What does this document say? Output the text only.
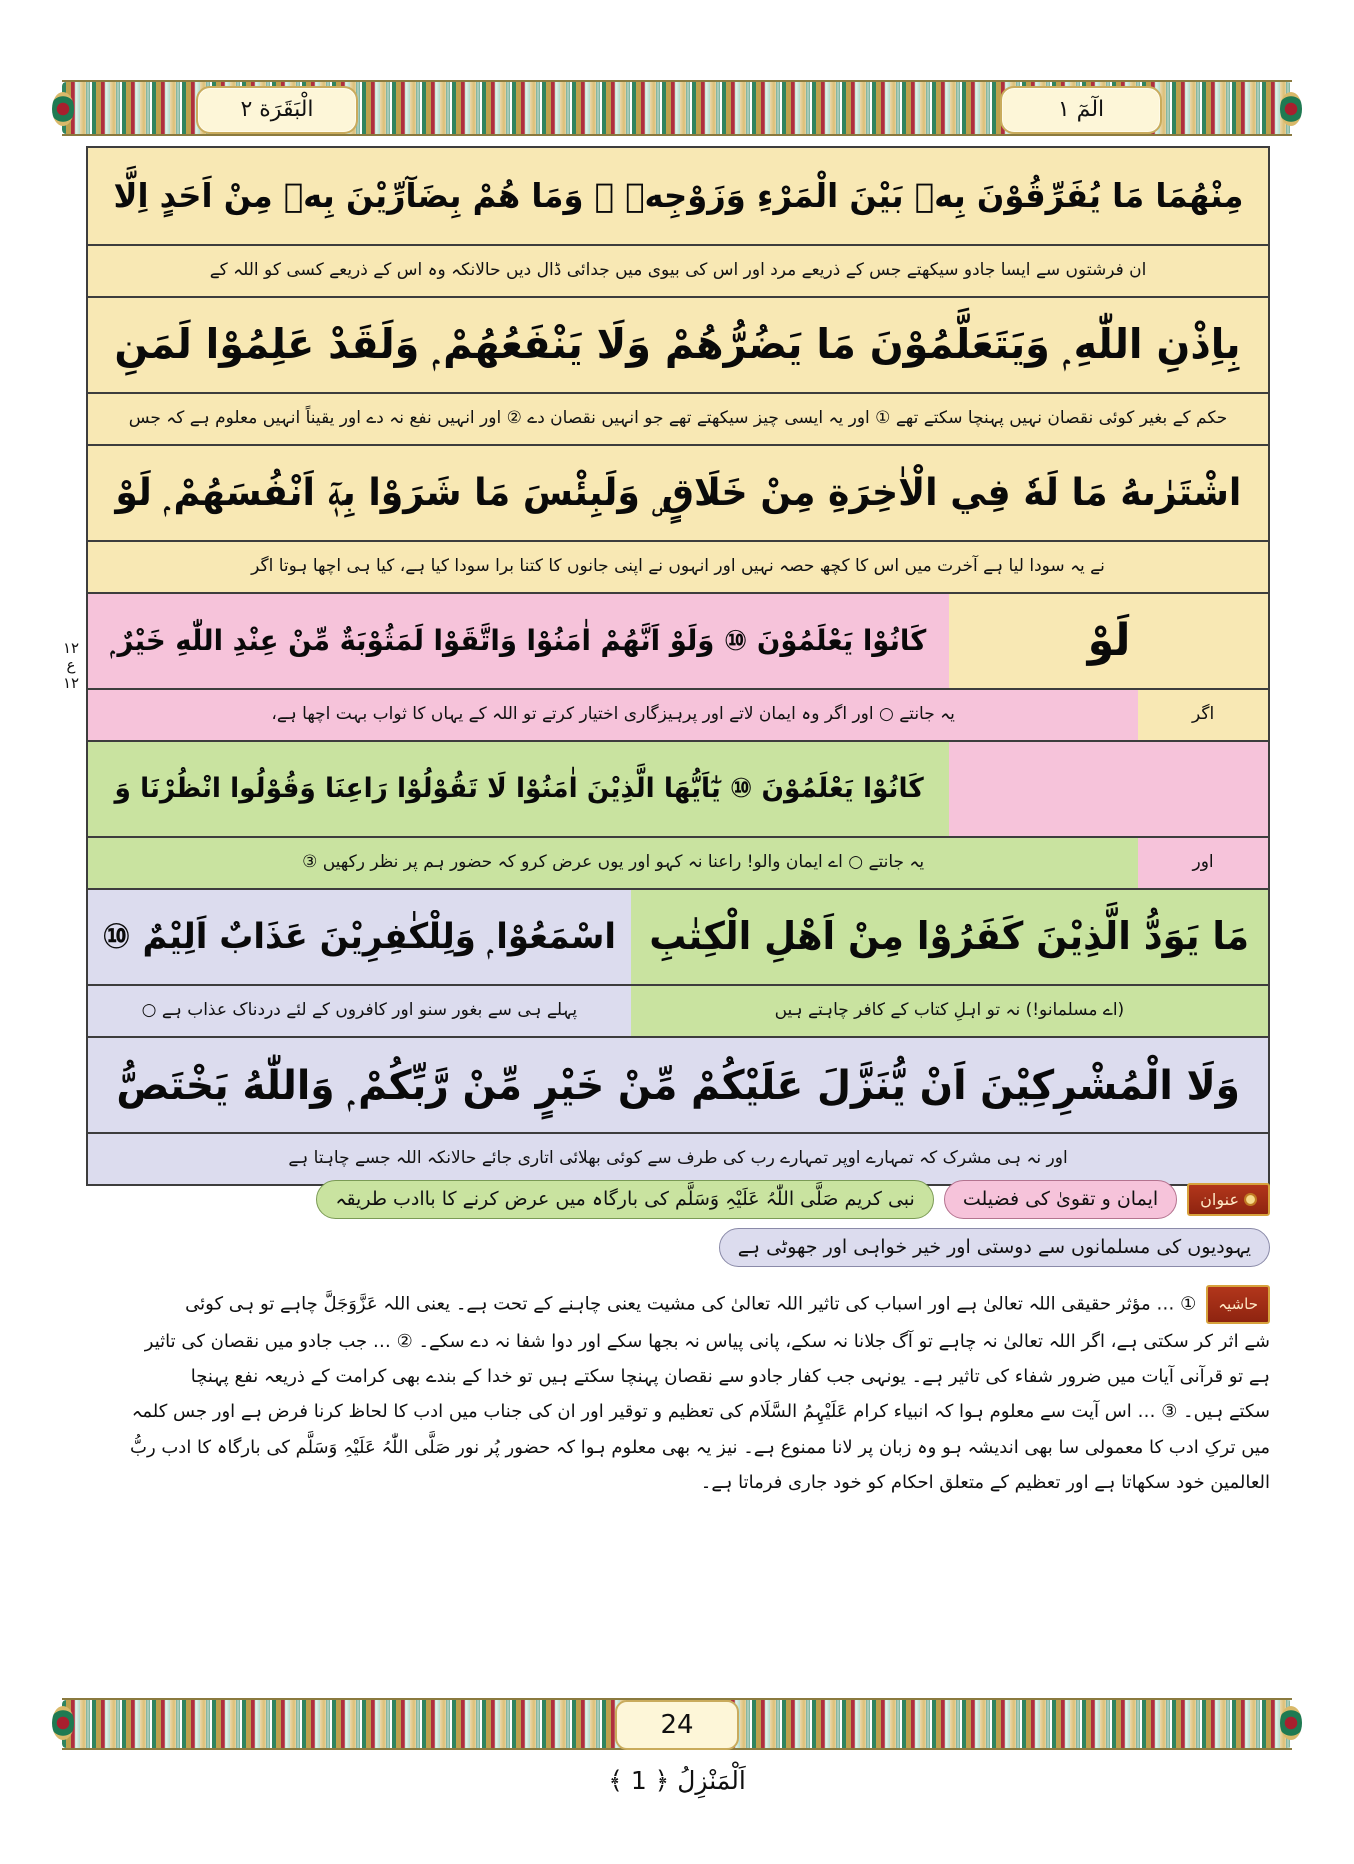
الْبَقَرَة ٢	الٓمٓ ١
١٢
ع
١٢
مِنْهُمَا مَا يُفَرِّقُوْنَ بِهٖ بَيْنَ الْمَرْءِ وَزَوْجِهٖ ۭ وَمَا هُمْ بِضَآرِّيْنَ بِهٖ مِنْ اَحَدٍ اِلَّا
ان فرشتوں سے ایسا جادو سیکھتے جس کے ذریعے مرد اور اس کی بیوی میں جدائی ڈال دیں حالانکہ وہ اس کے ذریعے کسی کو اللہ کے
بِاِذْنِ اللّٰهِ ۭ وَيَتَعَلَّمُوْنَ مَا يَضُرُّهُمْ وَلَا يَنْفَعُهُمْ ۭ وَلَقَدْ عَلِمُوْا لَمَنِ
حکم کے بغیر کوئی نقصان نہیں پہنچا سکتے تھے ① اور یہ ایسی چیز سیکھتے تھے جو انہیں نقصان دے ② اور انہیں نفع نہ دے اور یقیناً انہیں معلوم ہے کہ جس
اشْتَرٰىهُ مَا لَهٗ فِي الْاٰخِرَةِ مِنْ خَلَاقٍ ۣ وَلَبِئْسَ مَا شَرَوْا بِهٖٓ اَنْفُسَهُمْ ۭ لَوْ
نے یہ سودا لیا ہے آخرت میں اس کا کچھ حصہ نہیں اور انہوں نے اپنی جانوں کا کتنا برا سودا کیا ہے، کیا ہی اچھا ہوتا اگر
كَانُوْا يَعْلَمُوْنَ ⑩ وَلَوْ اَنَّهُمْ اٰمَنُوْا وَاتَّقَوْا لَمَثُوْبَةٌ مِّنْ عِنْدِ اللّٰهِ خَيْرٌ ۭ	لَوْ
یہ جانتے ○ اور اگر وہ ایمان لاتے اور پرہیزگاری اختیار کرتے تو اللہ کے یہاں کا ثواب بہت اچھا ہے،	اگر
كَانُوْا يَعْلَمُوْنَ ⑩ يٰٓاَيُّهَا الَّذِيْنَ اٰمَنُوْا لَا تَقُوْلُوْا رَاعِنَا وَقُوْلُوا انْظُرْنَا وَ
یہ جانتے ○ اے ایمان والو! راعنا نہ کہو اور یوں عرض کرو کہ حضور ہم پر نظر رکھیں ③	اور
اسْمَعُوْا ۭ وَلِلْكٰفِرِيْنَ عَذَابٌ اَلِيْمٌ ⑩ مَا يَوَدُّ الَّذِيْنَ كَفَرُوْا مِنْ اَهْلِ الْكِتٰبِ
پہلے ہی سے بغور سنو اور کافروں کے لئے دردناک عذاب ہے ○	(اے مسلمانو!) نہ تو اہلِ کتاب کے کافر چاہتے ہیں
وَلَا الْمُشْرِكِيْنَ اَنْ يُّنَزَّلَ عَلَيْكُمْ مِّنْ خَيْرٍ مِّنْ رَّبِّكُمْ ۭ وَاللّٰهُ يَخْتَصُّ
اور نہ ہی مشرک کہ تمہارے اوپر تمہارے رب کی طرف سے کوئی بھلائی اتاری جائے حالانکہ اللہ جسے چاہتا ہے
نبی کریم صَلَّی اللّٰہُ عَلَیْہِ وَسَلَّم کی بارگاہ میں عرض کرنے کا باادب طریقہ	ایمان و تقویٰ کی فضیلت	عنوان
یہودیوں کی مسلمانوں سے دوستی اور خیر خواہی اور جھوٹی ہے
حاشیہ① … مؤثر حقیقی اللہ تعالیٰ ہے اور اسباب کی تاثیر اللہ تعالیٰ کی مشیت یعنی چاہنے کے تحت ہے۔ یعنی اللہ عَزَّوَجَلَّ چاہے تو ہی کوئی
شے اثر کر سکتی ہے، اگر اللہ تعالیٰ نہ چاہے تو آگ جلانا نہ سکے، پانی پیاس نہ بجھا سکے اور دوا شفا نہ دے سکے۔ ② … جب جادو میں نقصان کی تاثیر
ہے تو قرآنی آیات میں ضرور شفاء کی تاثیر ہے۔ یونہی جب کفار جادو سے نقصان پہنچا سکتے ہیں تو خدا کے بندے بھی کرامت کے ذریعہ نفع پہنچا
سکتے ہیں۔ ③ … اس آیت سے معلوم ہوا کہ انبیاء کرام عَلَیْہِمُ السَّلَام کی تعظیم و توقیر اور ان کی جناب میں ادب کا لحاظ کرنا فرض ہے اور جس کلمہ
میں ترکِ ادب کا معمولی سا بھی اندیشہ ہو وہ زبان پر لانا ممنوع ہے۔ نیز یہ بھی معلوم ہوا کہ حضور پُر نور صَلَّی اللّٰہُ عَلَیْہِ وَسَلَّم کی بارگاہ کا ادب ربُّ
العالمین خود سکھاتا ہے اور تعظیم کے متعلق احکام کو خود جاری فرماتا ہے۔
24
اَلْمَنْزِلُ ﴿ 1 ﴾
